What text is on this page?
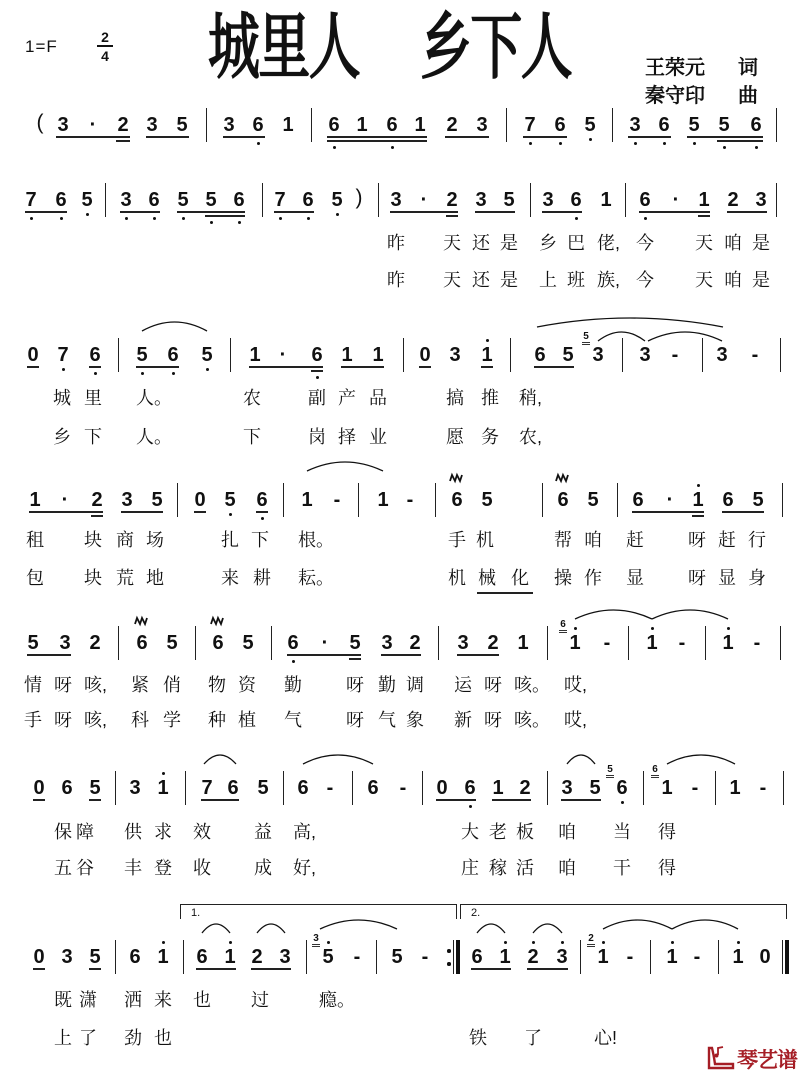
1=F	2
4 城里人 乡下人	王荣元 词
秦守印 曲
琴艺谱
( 3	·	2 3 5 3 6 1 6 1 6 1 2 3 7 6 5 3 6 5 5 6
7 6 5 3 6 5 5 6 7 6 5 )	3 · 2 3 5 3 6 1 6	· 1 2 3
昨 天 还 是 乡 巴 佬, 今 天 咱 是
昨 天 还 是 上 班 族, 今 天 咱 是
0 7 6 5 6 5 1 ·	6 1 1 0 3 1 6 5 3
5
3	-	3	-
城 里 人。	农	副 产 品	搞 推 稍,
乡 下 人。	下	岗 择 业	愿 务 农,
1	·	2 3 5 0 5 6 1	-	1 -	6 5	6 5 6	· 1 6 5
租 块 商 场	扎 下 根。	手 机	帮 咱 赶 呀 赶 行
包 块 荒 地	来 耕 耘。	机 械 化 操 作 显 呀 显 身
5 3 2 6 5 6 5 6	·	5 3 2 3 2 1 1
6
-	1	-	1	-
情 呀 咳, 紧 俏 物 资 勤 呀 勤 调 运 呀 咳。 哎,
手 呀 咳, 科 学 种 植 气 呀 气 象 新 呀 咳。 哎,
0 6 5 3 1 7 6 5 6 -	6	-	0 6 1 2 3 5 6
5
1
6
-	1 -
保 障 供 求 效 益 高,	大 老 板 咱 当 得
五 谷 丰 登 收 成 好,	庄 稼 活 咱 干 得
0 3 5 6 1 6 1 2 3 5
3
-	5 -	6 1 2 3 1
2
-	1 -	1 0
1.	2.
既 潇 洒 来 也 过	瘾。
上 了 劲 也	铁 了	心!
